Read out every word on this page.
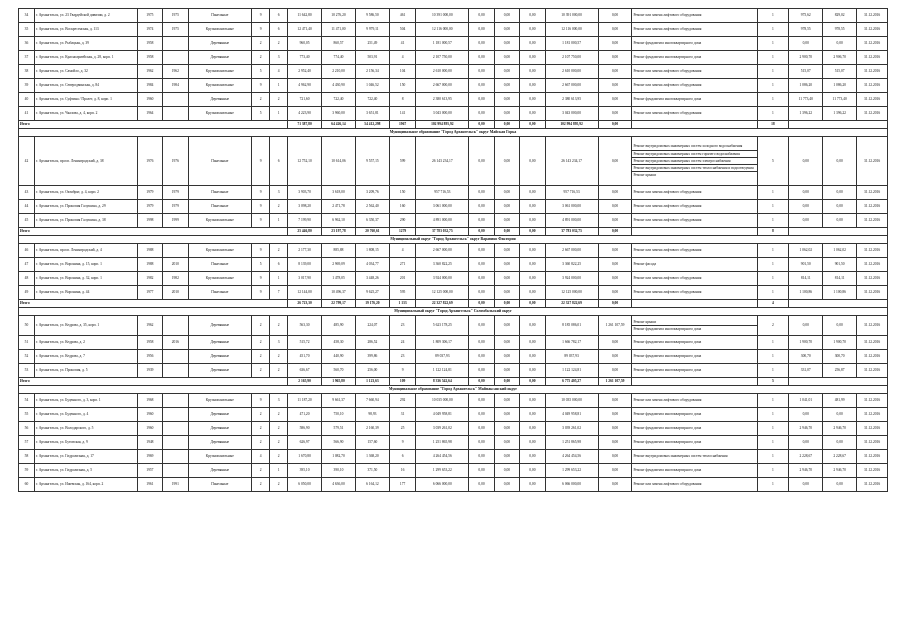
34	г. Архангельск, ул. 23 Гвардейской дивизии, д. 2	1975	1975	Панельные	9	6	11 642,80	10 276,20	9 586,50	461	10 391 000,00	0,00	0,00	0,00	10 391 000,00	0,00	Ремонт или замена лифтового оборудования	1	975,62	829,02	31.12.2016
35	г. Архангельск, ул. Воскресенская, д. 113	1974	1975	Крупнопанельные	9	6	12 471,40	11 471,00	9 979,11	504	12 116 000,00	0,00	0,00	0,00	12 116 000,00	0,00	Ремонт или замена лифтового оборудования	1	978,55	978,55	31.12.2016
36	г. Архангельск, ул. Рыбацкая, д. 39	1958		Деревянные	2	2	960,05	860,57	251,49	41	1 181 000,57	0,00	0,00	0,00	1 181 000,57	0,00	Ремонт фундамента многоквартирного дома	1	0,00	0,00	31.12.2016
37	г. Архангельск, ул. Красноармейская, д. 28, корп. 1	1958		Деревянные	2	3	773,40	774,40	503,91	4	2 107 750,00	0,00	0,00	0,00	2 107 750,00	0,00	Ремонт фундамента многоквартирного дома	1	2 900,70	2 906,70	31.12.2016
38	г. Архангельск, ул. Самойло, д. 32	1962	1962	Крупнопанельные	5	4	2 952,40	2 210,00	2 156,34	104	2 610 000,00	0,00	0,00	0,00	2 610 000,00	0,00	Ремонт или замена лифтового оборудования	1	515,07	515,07	31.12.2016
39	г. Архангельск, ул. Северодвинская, д. 84	1984	1984	Крупнопанельные	9	1	4 962,90	4 430,90	1 046,52	150	2 667 000,00	0,00	0,00	0,00	2 667 000,00	0,00	Ремонт или замена лифтового оборудования	1	1 086,20	1 086,20	31.12.2016
40	г. Архангельск, ул. Суфтина / Пролет, д. 8, корп. 1	1960		Деревянные	2	2	721,60	722,40	722,40	8	2 380 613,95	0,00	0,00	0,00	2 380 613,95	0,00	Ремонт фундамента многоквартирного дома	1	11 773,40	11 773,40	31.12.2016
41	г. Архангельск, ул. Чкалова, д. 4, корп. 2	1964		Крупнопанельные	5	1	4 223,90	3 960,00	3 651,81	141	3 043 000,00	0,00	0,00	0,00	3 043 000,00	0,00	Ремонт или замена лифтового оборудования	1	1 396,22	1 396,22	31.12.2016
Итого							71 387,80	64 426,14	54 412,298	1967	102 994 895,92	0,00	0,00	0,00	102 994 895,92	0,00		18			
Муниципальное образование "Город Архангельск" округ Майская Горка																					
42	г. Архангельск, просп. Ленинградский, д. 38	1976	1976	Панельные	9	6	12 752,10	10 614,06	9 557,15	599	26 143 234,17	0,00	0,00	0,00	26 143 234,17	0,00	Ремонт внутридомовых инженерных систем холодного водоснабжения
Ремонт внутридомовых инженерных систем горячего водоснабжения
Ремонт внутридомовых инженерных систем электроснабжения
Ремонт внутридомовых инженерных систем теплоснабжения и водоотведения
Ремонт крыши	5	0,00	0,00	31.12.2016
43	г. Архангельск, ул. Октябрят, д. 4, корп. 2	1979	1979	Панельные	9	3	3 903,70	3 618,00	3 209,76	150	957 716,53	0,00	0,00	0,00	957 716,53	0,00	Ремонт или замена лифтового оборудования	1	0,00	0,00	31.12.2016
44	г. Архангельск, ул. Прокопия Галушина, д. 29	1979	1979	Панельные	9	2	3 098,20	2 471,78	2 562,40	160	3 061 000,00	0,00	0,00	0,00	3 061 000,00	0,00	Ремонт или замена лифтового оборудования	1	0,00	0,00	31.12.2016
45	г. Архангельск, ул. Прокопия Галушина, д. 38	1998	1999	Крупнопанельные	9	1	7 199,90	6 962,10	6 350,37	290	4 891 000,00	0,00	0,00	0,00	4 891 000,00	0,00	Ремонт или замена лифтового оборудования	1	0,00	0,00	31.12.2016
Итого							25 446,80	23 197,78	20 760,61	1279	37 783 032,75	0,00	0,00	0,00	37 783 032,75	0,00		8			
Муниципальный округ "Город Архангельск" округ Варавино Фактория																					
46	г. Архангельск, просп. Ленинградский, д. 4	1988		Крупнопанельные	9	2	2 177,30	885,88	1 808,15	4	2 667 000,00	0,00	0,00	0,00	2 667 000,00	0,00	Ремонт или замена лифтового оборудования	1	1 062,02	1 062,02	31.12.2016
47	г. Архангельск, ул. Воронина, д. 15, корп. 1	1988	2010	Панельные	5	6	8 139,00	2 969,09	4 034,77	271	3 360 822,25	0,00	0,00	0,00	3 360 822,25	0,00	Ремонт фасада	1	901,50	901,50	31.12.2016
48	г. Архангельск, ул. Воронина, д. 32, корп. 1	1982	1982	Крупнопанельные	9	1	3 017,90	1 478,05	3 448,26	201	3 924 000,00	0,00	0,00	0,00	3 924 000,00	0,00	Ремонт или замена лифтового оборудования	1	814,11	814,11	31.12.2016
49	г. Архангельск, ул. Воронина, д. 44	1977	2010	Панельные	9	7	12 144,00	10 496,37	9 625,27	595	12 125 000,00	0,00	0,00	0,00	12 125 000,00	0,00	Ремонт или замена лифтового оборудования	1	1 100,86	1 100,86	31.12.2016
Итого							26 723,30	22 799,17	19 176,20	1 133	22 327 822,69	0,00	0,00	0,00	22 327 822,69	0,00		4			
Муниципальный округ "Город Архангельск" Соломбальский округ																					
50	г. Архангельск, ул. Кедрова, д. 35, корп. 1	1962		Деревянные	2	2	563,30	485,90	224,07	23	5 623 178,25	0,00	0,00	0,00	8 185 086,01	1 261 107,59	Ремонт крыши
Ремонт фундамента многоквартирного дома	2	0,00	0,00	31.12.2016
51	г. Архангельск, ул. Кедрова, д. 2	1958	2016	Деревянные	2	3	515,72	458,30	286,52	24	1 809 306,17	0,00	0,00	0,00	1 666 782,17	0,00	Ремонт фундамента многоквартирного дома	1	1 900,70	1 900,70	31.12.2016
52	г. Архангельск, ул. Кедрова, д. 7	1956		Деревянные	2	2	451,70	440,90	399,86	23	89 037,93	0,00	0,00	0,00	89 037,93	0,00	Ремонт фундамента многоквартирного дома	1	300,70	300,70	31.12.2016
53	г. Архангельск, ул. Прокопия, д. 5	1939		Деревянные	2	2	636,67	560,70	256,00	9	1 122 124,81	0,00	0,00	0,00	1 122 124,81	0,00	Ремонт фундамента многоквартирного дома	1	331,07	256,87	31.12.2016
Итого							2 165,90	1 965,80	1 123,63	109	8 336 542,64	0,00	0,00	0,00	6 775 405,27	1 261 107,59		5			
Муниципальное образование "Город Архангельск" Маймаксанский округ																					
54	г. Архангельск, ул. Буденного, д. 3, корп. 1	1968		Крупнопанельные	9	3	11 187,20	9 661,37	7 660,94	292	10 035 000,00	0,00	0,00	0,00	10 035 000,00	0,00	Ремонт или замена лифтового оборудования	1	1 041,01	481,99	31.12.2016
55	г. Архангельск, ул. Буденного, д. 4	1960		Деревянные	2	2	471,20	750,10	98,93	31	4 049 958,81	0,00	0,00	0,00	4 049 958,81	0,00	Ремонт фундамента многоквартирного дома	1	0,00	0,00	31.12.2016
56	г. Архангельск, ул. Володарского, д. 5	1960		Деревянные	2	2	586,90	579,51	2 160,39	25	3 039 261,02	0,00	0,00	0,00	3 039 261,02	0,00	Ремонт фундамента многоквартирного дома	1	2 946,70	2 946,70	31.12.2016
57	г. Архангельск, ул. Бутовская, д. 9	1948		Деревянные	2	2	626,97	566,90	157,60	9	1 251 865,98	0,00	0,00	0,00	1 251 865,98	0,00	Ремонт фундамента многоквартирного дома	1	0,00	0,00	31.12.2016
58	г. Архангельск, ул. Гидролизная, д. 17	1969		Крупнопанельные	4	2	1 670,80	1 082,70	1 368,20	6	4 264 454,56	0,00	0,00	0,00	4 264 454,56	0,00	Ремонт внутридомовых инженерных систем теплоснабжения	1	2 228,67	2 228,67	31.12.2016
59	г. Архангельск, ул. Гидролизная, д. 5	1957		Деревянные	2	1	395,10	390,10	371,50	16	1 299 653,22	0,00	0,00	0,00	1 299 653,22	0,00	Ремонт фундамента многоквартирного дома	1	2 946,70	2 946,70	31.12.2016
60	г. Архангельск, ул. Ижевская, д. 164, корп. 2	1961	1991	Панельные	2	2	6 050,00	4 636,00	6 164,12	177	6 066 000,00	0,00	0,00	0,00	6 066 000,00	0,00	Ремонт или замена лифтового оборудования	1	0,00	0,00	31.12.2016
